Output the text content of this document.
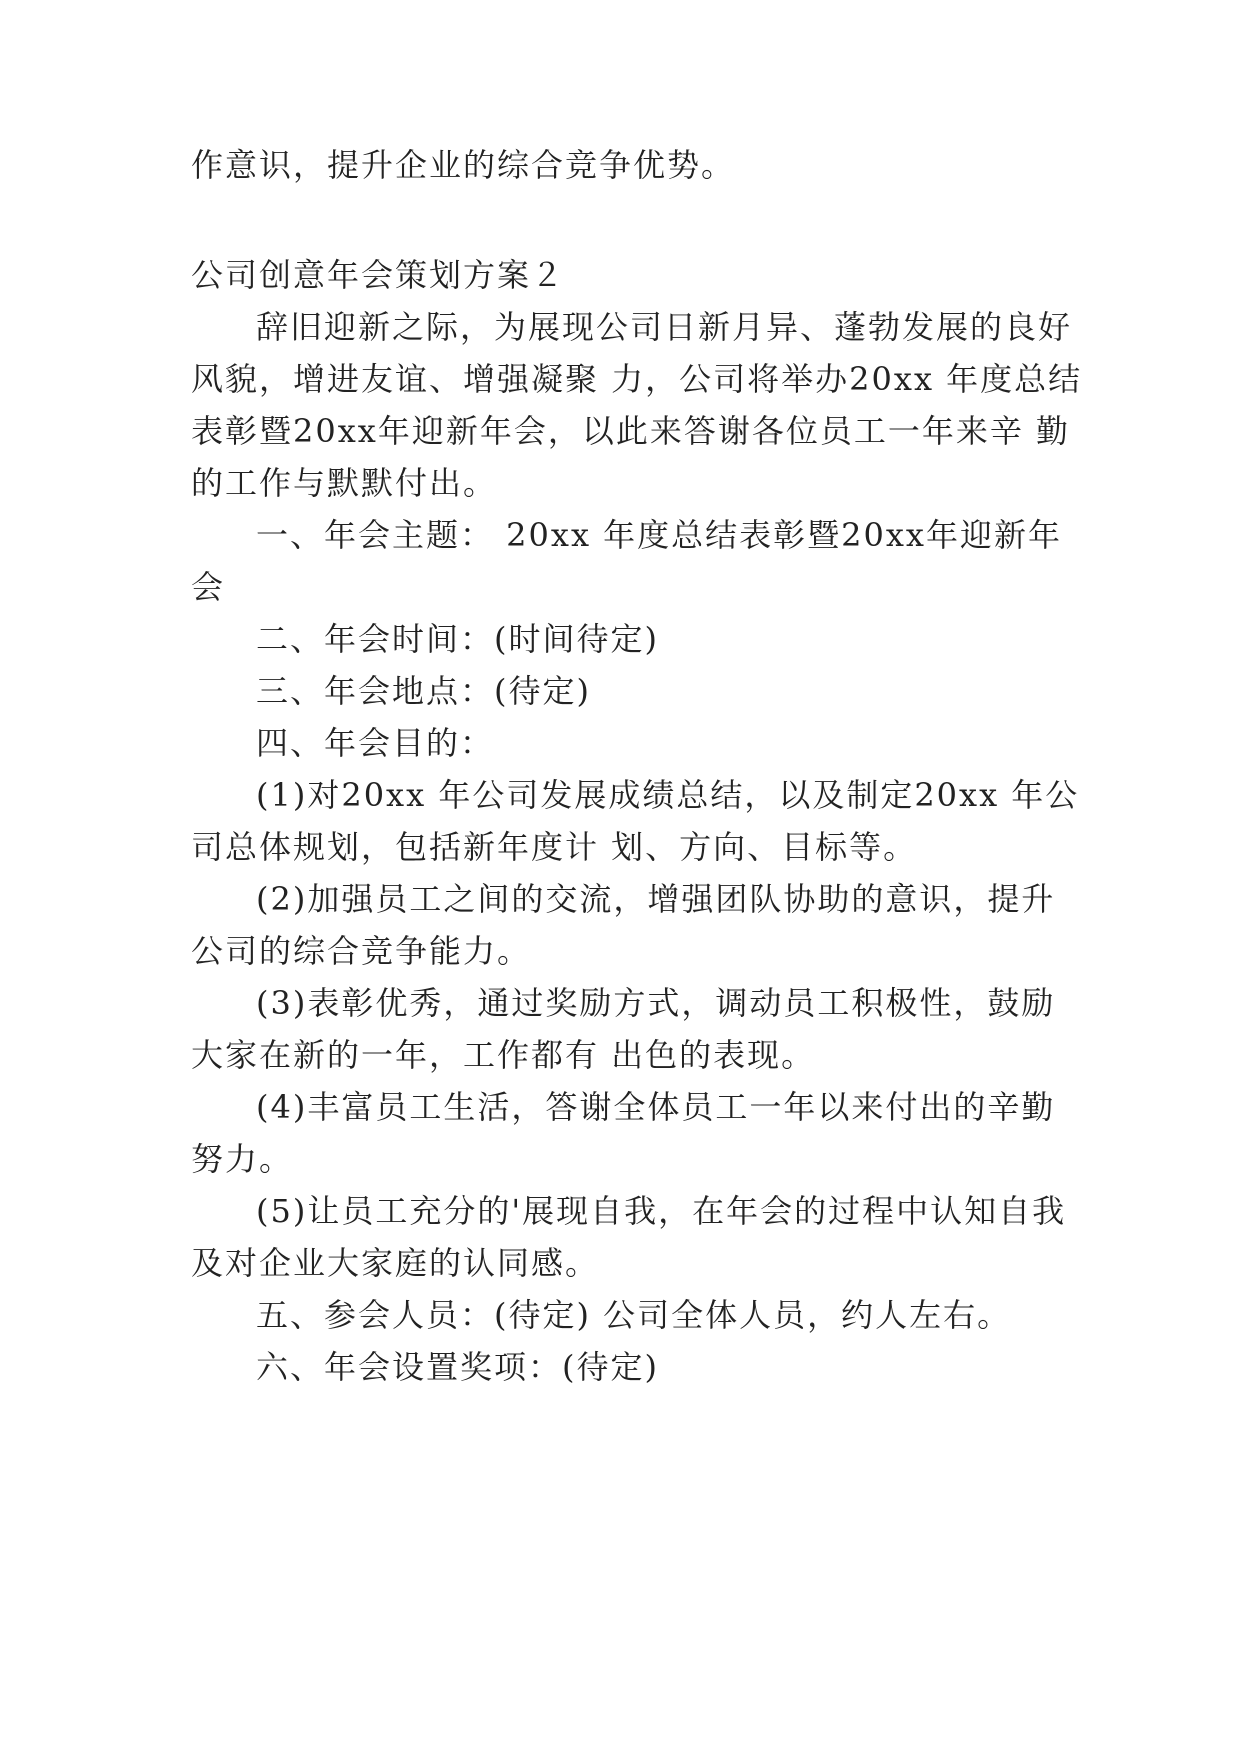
作意识，提升企业的综合竞争优势。
公司创意年会策划方案２
辞旧迎新之际，为展现公司日新月异、蓬勃发展的良好
风貌，增进友谊、增强凝聚 力，公司将举办20xx 年度总结
表彰暨20xx年迎新年会，以此来答谢各位员工一年来辛 勤
的工作与默默付出。
一、年会主题： 20xx 年度总结表彰暨20xx年迎新年
会
二、年会时间：(时间待定)
三、年会地点：(待定)
四、年会目的：
(1)对20xx 年公司发展成绩总结，以及制定20xx 年公
司总体规划，包括新年度计 划、方向、目标等。
(2)加强员工之间的交流，增强团队协助的意识，提升
公司的综合竞争能力。
(3)表彰优秀，通过奖励方式，调动员工积极性，鼓励
大家在新的一年，工作都有 出色的表现。
(4)丰富员工生活，答谢全体员工一年以来付出的辛勤
努力。
(5)让员工充分的'展现自我，在年会的过程中认知自我
及对企业大家庭的认同感。
五、参会人员：(待定) 公司全体人员，约人左右。
六、年会设置奖项：(待定)
